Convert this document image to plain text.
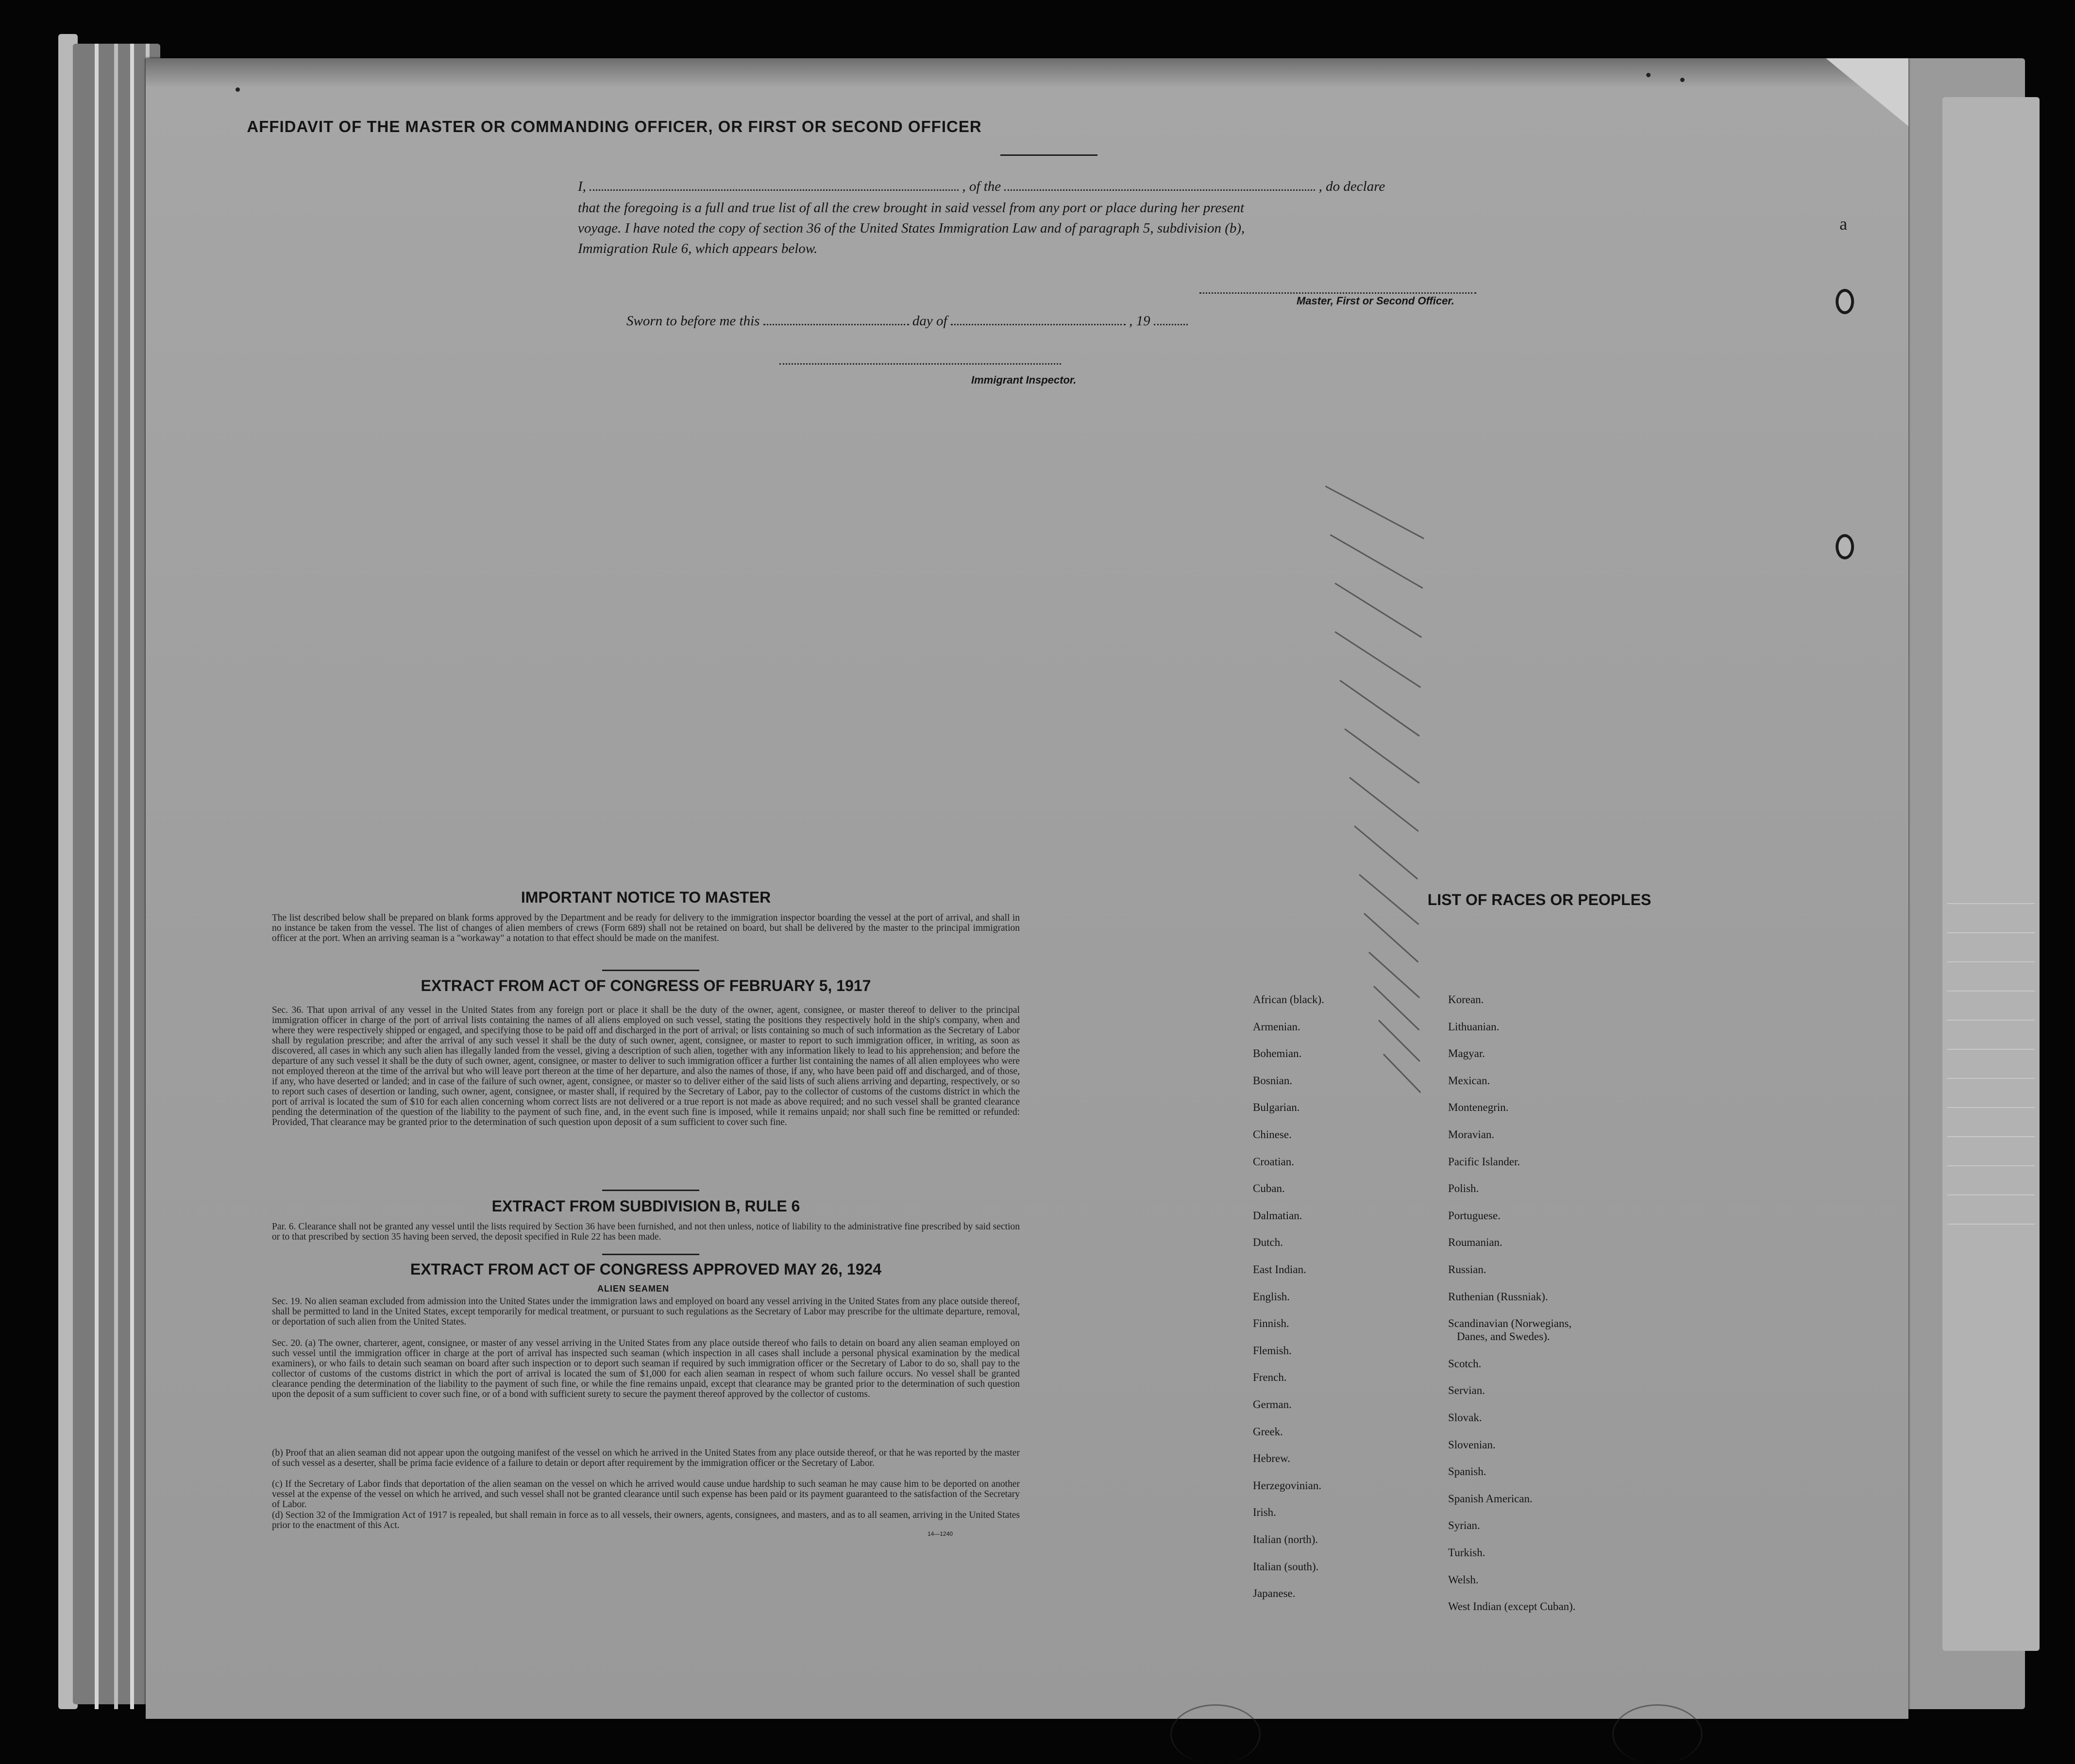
a
AFFIDAVIT OF THE MASTER OR COMMANDING OFFICER, OR FIRST OR SECOND OFFICER
I,	, of the	, do declare
that the foregoing is a full and true list of all the crew brought in said vessel from any port or place during her present
voyage. I have noted the copy of section 36 of the United States Immigration Law and of paragraph 5, subdivision (b),
Immigration Rule 6, which appears below.
Master, First or Second Officer.
Sworn to before me this	day of	, 19
Immigrant Inspector.
IMPORTANT NOTICE TO MASTER
The list described below shall be prepared on blank forms approved by the Department and be ready for delivery to the immigration inspector boarding the vessel at the port of arrival, and shall in no instance be taken from the vessel. The list of changes of alien members of crews (Form 689) shall not be retained on board, but shall be delivered by the master to the principal immigration officer at the port. When an arriving seaman is a "workaway" a notation to that effect should be made on the manifest.
EXTRACT FROM ACT OF CONGRESS OF FEBRUARY 5, 1917
Sec. 36. That upon arrival of any vessel in the United States from any foreign port or place it shall be the duty of the owner, agent, consignee, or master thereof to deliver to the principal immigration officer in charge of the port of arrival lists containing the names of all aliens employed on such vessel, stating the positions they respectively hold in the ship's company, when and where they were respectively shipped or engaged, and specifying those to be paid off and discharged in the port of arrival; or lists containing so much of such information as the Secretary of Labor shall by regulation prescribe; and after the arrival of any such vessel it shall be the duty of such owner, agent, consignee, or master to report to such immigration officer, in writing, as soon as discovered, all cases in which any such alien has illegally landed from the vessel, giving a description of such alien, together with any information likely to lead to his apprehension; and before the departure of any such vessel it shall be the duty of such owner, agent, consignee, or master to deliver to such immigration officer a further list containing the names of all alien employees who were not employed thereon at the time of the arrival but who will leave port thereon at the time of her departure, and also the names of those, if any, who have been paid off and discharged, and of those, if any, who have deserted or landed; and in case of the failure of such owner, agent, consignee, or master so to deliver either of the said lists of such aliens arriving and departing, respectively, or so to report such cases of desertion or landing, such owner, agent, consignee, or master shall, if required by the Secretary of Labor, pay to the collector of customs of the customs district in which the port of arrival is located the sum of $10 for each alien concerning whom correct lists are not delivered or a true report is not made as above required; and no such vessel shall be granted clearance pending the determination of the question of the liability to the payment of such fine, and, in the event such fine is imposed, while it remains unpaid; nor shall such fine be remitted or refunded: Provided, That clearance may be granted prior to the determination of such question upon deposit of a sum sufficient to cover such fine.
EXTRACT FROM SUBDIVISION B, RULE 6
Par. 6. Clearance shall not be granted any vessel until the lists required by Section 36 have been furnished, and not then unless, notice of liability to the administrative fine prescribed by said section or to that prescribed by section 35 having been served, the deposit specified in Rule 22 has been made.
EXTRACT FROM ACT OF CONGRESS APPROVED MAY 26, 1924
ALIEN SEAMEN
Sec. 19. No alien seaman excluded from admission into the United States under the immigration laws and employed on board any vessel arriving in the United States from any place outside thereof, shall be permitted to land in the United States, except temporarily for medical treatment, or pursuant to such regulations as the Secretary of Labor may prescribe for the ultimate departure, removal, or deportation of such alien from the United States.
Sec. 20. (a) The owner, charterer, agent, consignee, or master of any vessel arriving in the United States from any place outside thereof who fails to detain on board any alien seaman employed on such vessel until the immigration officer in charge at the port of arrival has inspected such seaman (which inspection in all cases shall include a personal physical examination by the medical examiners), or who fails to detain such seaman on board after such inspection or to deport such seaman if required by such immigration officer or the Secretary of Labor to do so, shall pay to the collector of customs of the customs district in which the port of arrival is located the sum of $1,000 for each alien seaman in respect of whom such failure occurs. No vessel shall be granted clearance pending the determination of the liability to the payment of such fine, or while the fine remains unpaid, except that clearance may be granted prior to the determination of such question upon the deposit of a sum sufficient to cover such fine, or of a bond with sufficient surety to secure the payment thereof approved by the collector of customs.
(b) Proof that an alien seaman did not appear upon the outgoing manifest of the vessel on which he arrived in the United States from any place outside thereof, or that he was reported by the master of such vessel as a deserter, shall be prima facie evidence of a failure to detain or deport after requirement by the immigration officer or the Secretary of Labor.
(c) If the Secretary of Labor finds that deportation of the alien seaman on the vessel on which he arrived would cause undue hardship to such seaman he may cause him to be deported on another vessel at the expense of the vessel on which he arrived, and such vessel shall not be granted clearance until such expense has been paid or its payment guaranteed to the satisfaction of the Secretary of Labor.
(d) Section 32 of the Immigration Act of 1917 is repealed, but shall remain in force as to all vessels, their owners, agents, consignees, and masters, and as to all seamen, arriving in the United States prior to the enactment of this Act.
14—1240
LIST OF RACES OR PEOPLES
African (black).
Armenian.
Bohemian.
Bosnian.
Bulgarian.
Chinese.
Croatian.
Cuban.
Dalmatian.
Dutch.
East Indian.
English.
Finnish.
Flemish.
French.
German.
Greek.
Hebrew.
Herzegovinian.
Irish.
Italian (north).
Italian (south).
Japanese.
Korean.
Lithuanian.
Magyar.
Mexican.
Montenegrin.
Moravian.
Pacific Islander.
Polish.
Portuguese.
Roumanian.
Russian.
Ruthenian (Russniak).
Scandinavian (Norwegians,
Danes, and Swedes).
Scotch.
Servian.
Slovak.
Slovenian.
Spanish.
Spanish American.
Syrian.
Turkish.
Welsh.
West Indian (except Cuban).
